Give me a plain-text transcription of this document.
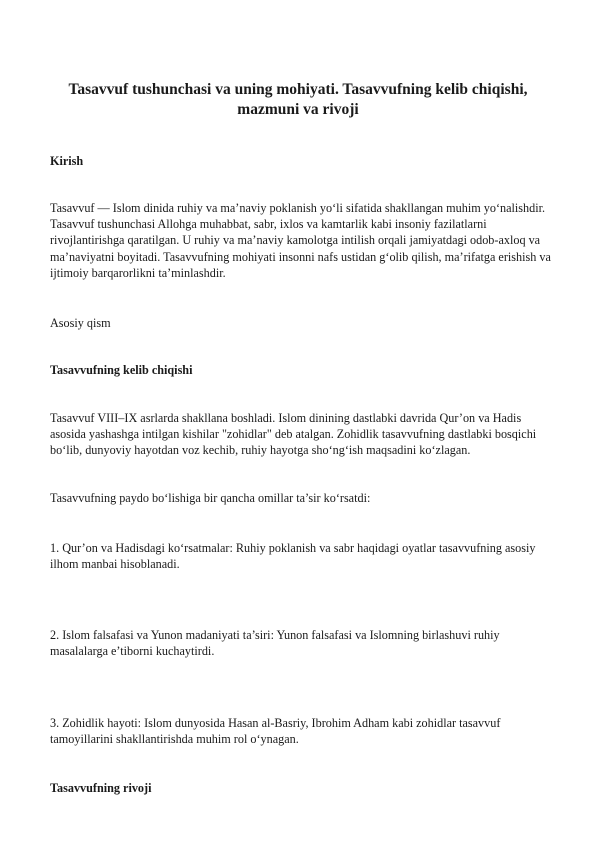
Tasavvuf tushunchasi va uning mohiyati. Tasavvufning kelib chiqishi, mazmuni va rivoji
Kirish
Tasavvuf — Islom dinida ruhiy va ma’naviy poklanish yo‘li sifatida shakllangan muhim yo‘nalishdir. Tasavvuf tushunchasi Allohga muhabbat, sabr, ixlos va kamtarlik kabi insoniy fazilatlarni rivojlantirishga qaratilgan. U ruhiy va ma’naviy kamolotga intilish orqali jamiyatdagi odob-axloq va ma’naviyatni boyitadi. Tasavvufning mohiyati insonni nafs ustidan g‘olib qilish, ma’rifatga erishish va ijtimoiy barqarorlikni ta’minlashdir.
Asosiy qism
Tasavvufning kelib chiqishi
Tasavvuf VIII–IX asrlarda shakllana boshladi. Islom dinining dastlabki davrida Qur’on va Hadis asosida yashashga intilgan kishilar "zohidlar" deb atalgan. Zohidlik tasavvufning dastlabki bosqichi bo‘lib, dunyoviy hayotdan voz kechib, ruhiy hayotga sho‘ng‘ish maqsadini ko‘zlagan.
Tasavvufning paydo bo‘lishiga bir qancha omillar ta’sir ko‘rsatdi:
1. Qur’on va Hadisdagi ko‘rsatmalar: Ruhiy poklanish va sabr haqidagi oyatlar tasavvufning asosiy ilhom manbai hisoblanadi.
2. Islom falsafasi va Yunon madaniyati ta’siri: Yunon falsafasi va Islomning birlashuvi ruhiy masalalarga e’tiborni kuchaytirdi.
3. Zohidlik hayoti: Islom dunyosida Hasan al-Basriy, Ibrohim Adham kabi zohidlar tasavvuf tamoyillarini shakllantirishda muhim rol o‘ynagan.
Tasavvufning rivoji
